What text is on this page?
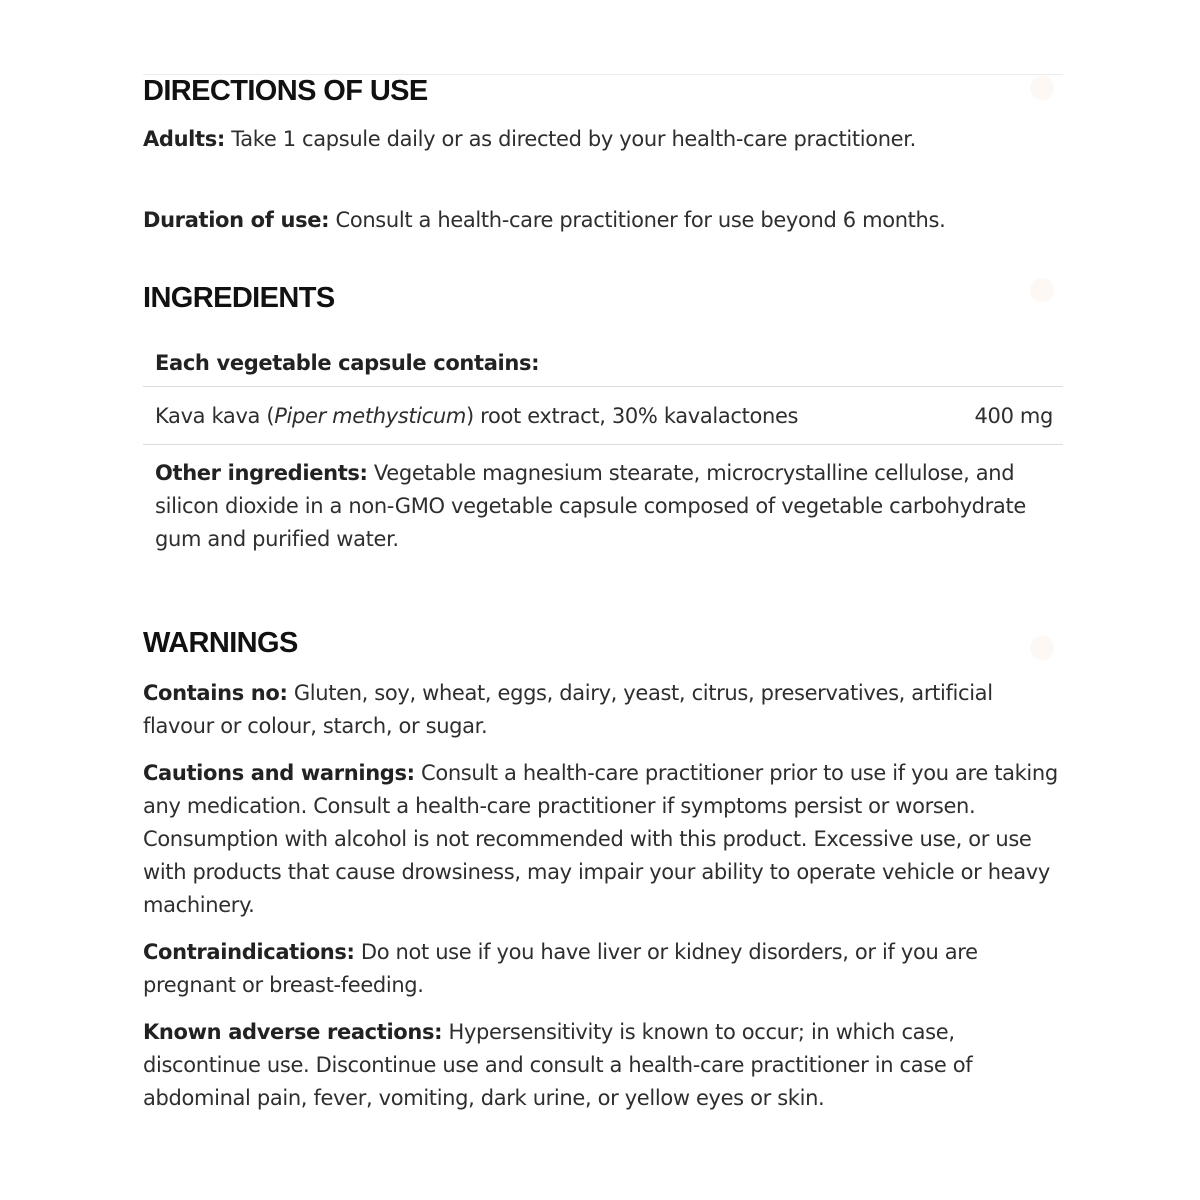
DIRECTIONS OF USE

Adults: Take 1 capsule daily or as directed by your health-care practitioner.

Duration of use: Consult a health-care practitioner for use beyond 6 months.

INGREDIENTS
Each vegetable capsule contains:
Kava kava (Piper methysticum) root extract, 30% kavalactones	400 mg
Other ingredients: Vegetable magnesium stearate, microcrystalline cellulose, and silicon dioxide in a non-GMO vegetable capsule composed of vegetable carbohydrate gum and purified water.
WARNINGS

Contains no: Gluten, soy, wheat, eggs, dairy, yeast, citrus, preservatives, artificial flavour or colour, starch, or sugar.

Cautions and warnings: Consult a health-care practitioner prior to use if you are taking any medication. Consult a health-care practitioner if symptoms persist or worsen. Consumption with alcohol is not recommended with this product. Excessive use, or use with products that cause drowsiness, may impair your ability to operate vehicle or heavy machinery.

Contraindications: Do not use if you have liver or kidney disorders, or if you are pregnant or breast-feeding.

Known adverse reactions: Hypersensitivity is known to occur; in which case, discontinue use. Discontinue use and consult a health-care practitioner in case of abdominal pain, fever, vomiting, dark urine, or yellow eyes or skin.
